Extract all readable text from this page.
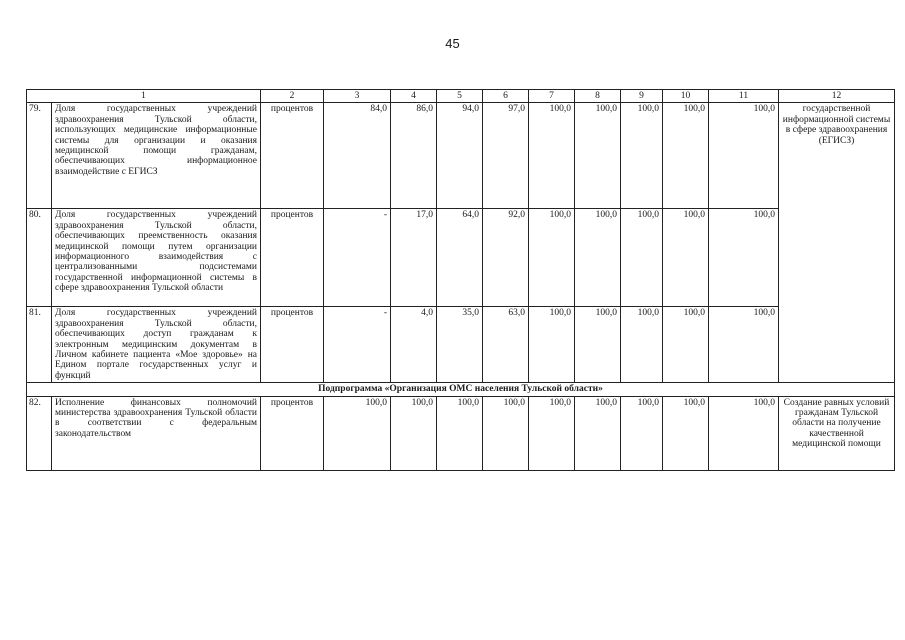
45
1		2	3	4	5	6	7	8	9	10	11	12
79.	Доля государственных учреждений здравоохранения Тульской области, использующих медицинские информационные системы для организации и оказания медицинской помощи гражданам, обеспечивающих информационное взаимодействие с ЕГИСЗ	процентов	84,0	86,0	94,0	97,0	100,0	100,0	100,0	100,0	100,0	государственной информационной системы в сфере здравоохранения (ЕГИСЗ)
80.	Доля государственных учреждений здравоохранения Тульской области, обеспечивающих преемственность оказания медицинской помощи путем организации информационного взаимодействия с централизованными подсистемами государственной информационной системы в сфере здравоохранения Тульской области	процентов	-	17,0	64,0	92,0	100,0	100,0	100,0	100,0	100,0	
81.	Доля государственных учреждений здравоохранения Тульской области, обеспечивающих доступ гражданам к электронным медицинским документам в Личном кабинете пациента «Мое здоровье» на Едином портале государственных услуг и функций	процентов	-	4,0	35,0	63,0	100,0	100,0	100,0	100,0	100,0	
Подпрограмма «Организация ОМС населения Тульской области»												
82.	Исполнение финансовых полномочий министерства здравоохранения Тульской области в соответствии с федеральным законодательством	процентов	100,0	100,0	100,0	100,0	100,0	100,0	100,0	100,0	100,0	Создание равных условий гражданам Тульской области на получение качественной медицинской помощи
